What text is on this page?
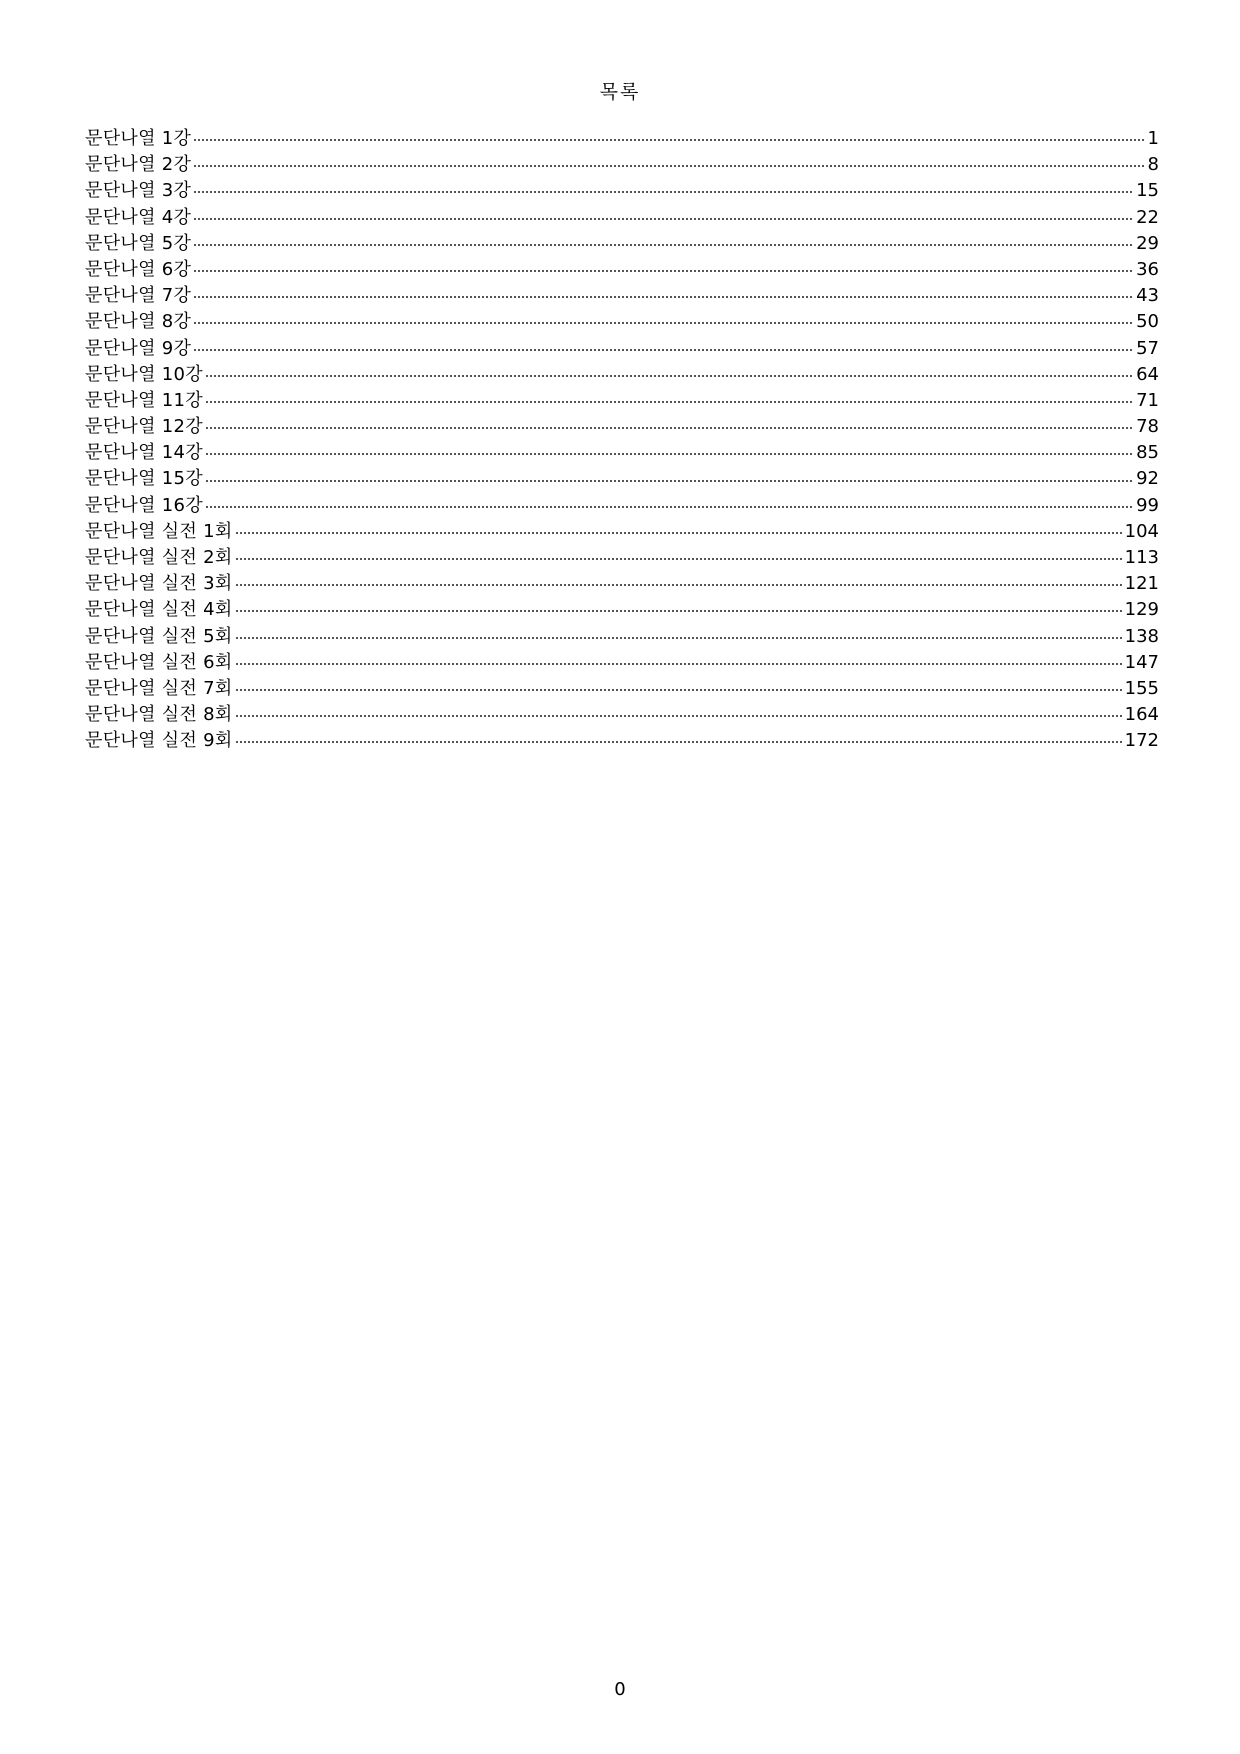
목록
문단나열 1강	1
문단나열 2강	8
문단나열 3강	15
문단나열 4강	22
문단나열 5강	29
문단나열 6강	36
문단나열 7강	43
문단나열 8강	50
문단나열 9강	57
문단나열 10강	64
문단나열 11강	71
문단나열 12강	78
문단나열 14강	85
문단나열 15강	92
문단나열 16강	99
문단나열 실전 1회	104
문단나열 실전 2회	113
문단나열 실전 3회	121
문단나열 실전 4회	129
문단나열 실전 5회	138
문단나열 실전 6회	147
문단나열 실전 7회	155
문단나열 실전 8회	164
문단나열 실전 9회	172
0
